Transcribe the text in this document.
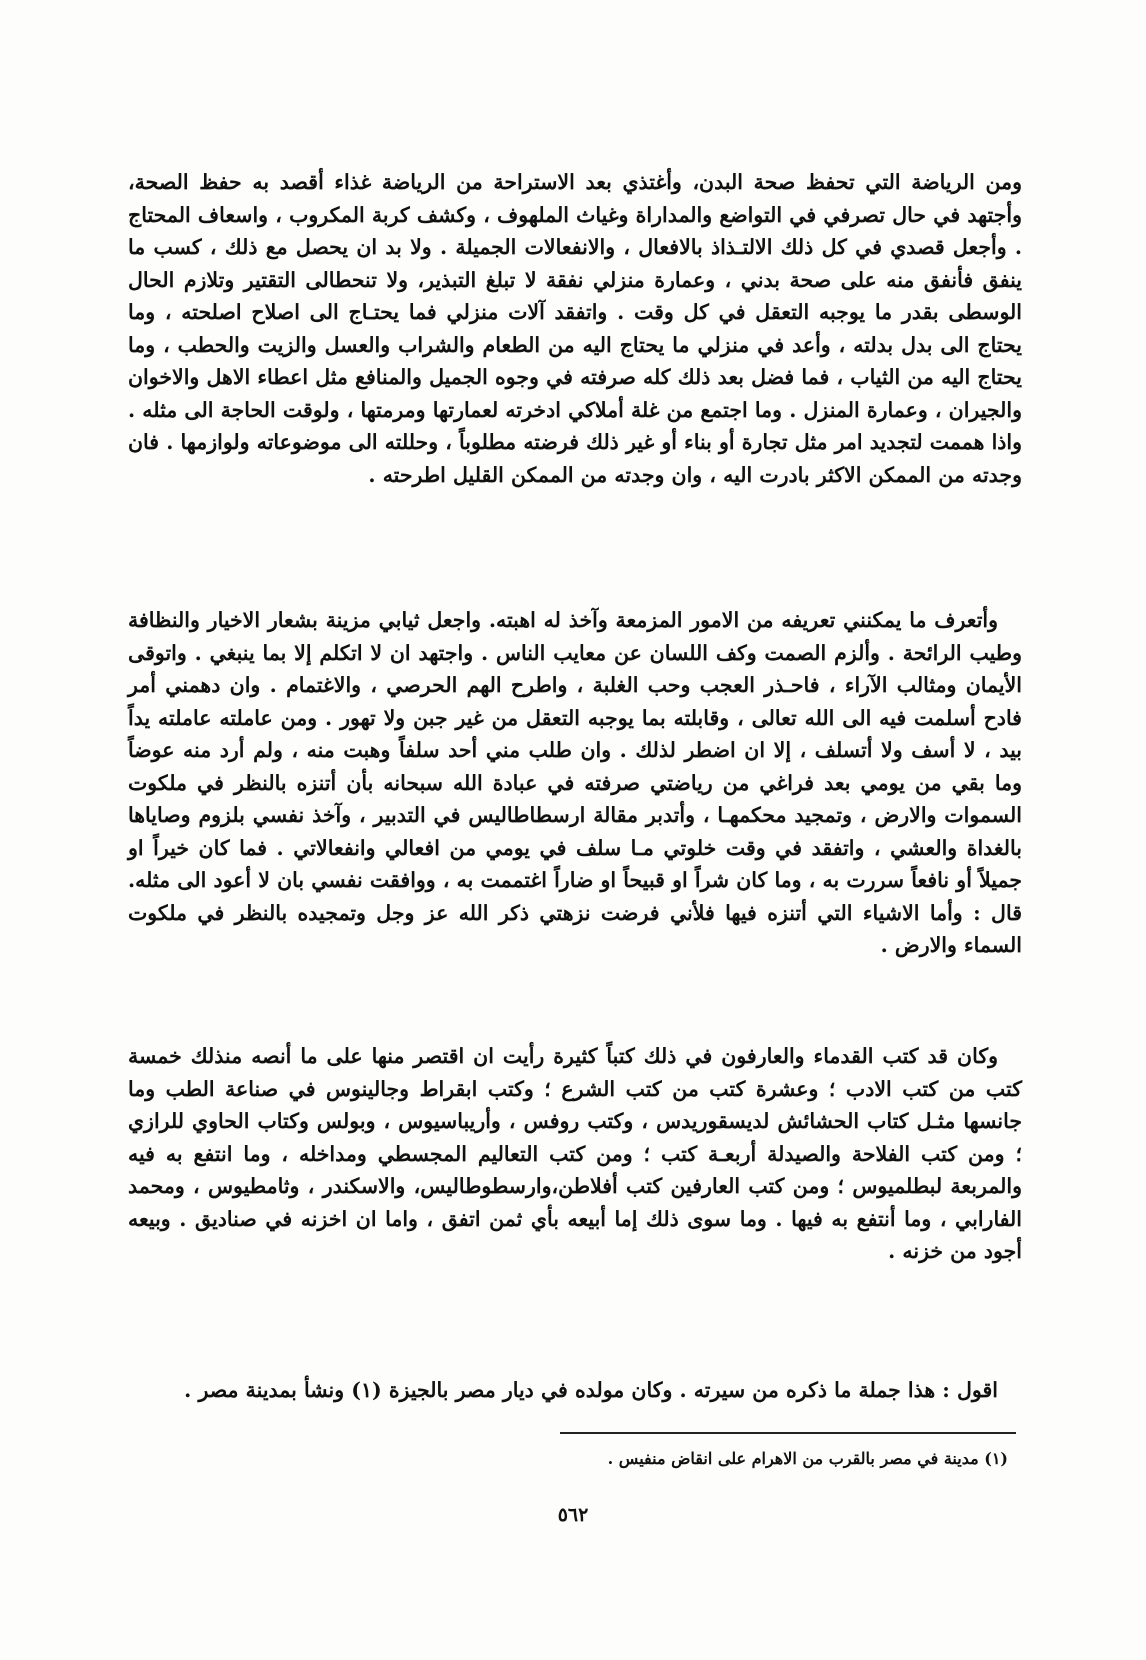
ومن الرياضة التي تحفظ صحة البدن، وأغتذي بعد الاستراحة من الرياضة غذاء أقصد به حفظ الصحة، وأجتهد في حال تصرفي في التواضع والمداراة وغياث الملهوف ، وكشف كربة المكروب ، واسعاف المحتاج . وأجعل قصدي في كل ذلك الالتـذاذ بالافعال ، والانفعالات الجميلة . ولا بد ان يحصل مع ذلك ، كسب ما ينفق فأنفق منه على صحة بدني ، وعمارة منزلي نفقة لا تبلغ التبذير، ولا تنحطالى التقتير وتلازم الحال الوسطى بقدر ما يوجبه التعقل في كل وقت . واتفقد آلات منزلي فما يحتـاج الى اصلاح اصلحته ، وما يحتاج الى بدل بدلته ، وأعد في منزلي ما يحتاج اليه من الطعام والشراب والعسل والزيت والحطب ، وما يحتاج اليه من الثياب ، فما فضل بعد ذلك كله صرفته في وجوه الجميل والمنافع مثل اعطاء الاهل والاخوان والجيران ، وعمارة المنزل . وما اجتمع من غلة أملاكي ادخرته لعمارتها ومرمتها ، ولوقت الحاجة الى مثله . واذا هممت لتجديد امر مثل تجارة أو بناء أو غير ذلك فرضته مطلوباً ، وحللته الى موضوعاته ولوازمها . فان وجدته من الممكن الاكثر بادرت اليه ، وان وجدته من الممكن القليل اطرحته .

وأتعرف ما يمكنني تعريفه من الامور المزمعة وآخذ له اهبته. واجعل ثيابي مزينة بشعار الاخيار والنظافة وطيب الرائحة . وألزم الصمت وكف اللسان عن معايب الناس . واجتهد ان لا اتكلم إلا بما ينبغي . واتوقى الأيمان ومثالب الآراء ، فاحـذر العجب وحب الغلبة ، واطرح الهم الحرصي ، والاغتمام . وان دهمني أمر فادح أسلمت فيه الى الله تعالى ، وقابلته بما يوجبه التعقل من غير جبن ولا تهور . ومن عاملته عاملته يداً بيد ، لا أسف ولا أتسلف ، إلا ان اضطر لذلك . وان طلب مني أحد سلفاً وهبت منه ، ولم أرد منه عوضاً وما بقي من يومي بعد فراغي من رياضتي صرفته في عبادة الله سبحانه بأن أتنزه بالنظر في ملكوت السموات والارض ، وتمجيد محكمهـا ، وأتدبر مقالة ارسطاطاليس في التدبير ، وآخذ نفسي بلزوم وصاياها بالغداة والعشي ، واتفقد في وقت خلوتي مـا سلف في يومي من افعالي وانفعالاتي . فما كان خيراً او جميلاً أو نافعاً سررت به ، وما كان شراً او قبيحاً او ضاراً اغتممت به ، ووافقت نفسي بان لا أعود الى مثله. قال : وأما الاشياء التي أتنزه فيها فلأني فرضت نزهتي ذكر الله عز وجل وتمجيده بالنظر في ملكوت السماء والارض .

وكان قد كتب القدماء والعارفون في ذلك كتباً كثيرة رأيت ان اقتصر منها على ما أنصه منذلك خمسة كتب من كتب الادب ؛ وعشرة كتب من كتب الشرع ؛ وكتب ابقراط وجالينوس في صناعة الطب وما جانسها مثـل كتاب الحشائش لديسقوريدس ، وكتب روفس ، وأريباسيوس ، وبولس وكتاب الحاوي للرازي ؛ ومن كتب الفلاحة والصيدلة أربعـة كتب ؛ ومن كتب التعاليم المجسطي ومداخله ، وما انتفع به فيه والمربعة لبطلميوس ؛ ومن كتب العارفين كتب أفلاطن،وارسطوطاليس، والاسكندر ، وثامطيوس ، ومحمد الفارابي ، وما أنتفع به فيها . وما سوى ذلك إما أبيعه بأي ثمن اتفق ، واما ان اخزنه في صناديق . وبيعه أجود من خزنه .

اقول : هذا جملة ما ذكره من سيرته . وكان مولده في ديار مصر بالجيزة (١) ونشأ بمدينة مصر .

(١) مدينة في مصر بالقرب من الاهرام على انقاض منفيس .
٥٦٢
